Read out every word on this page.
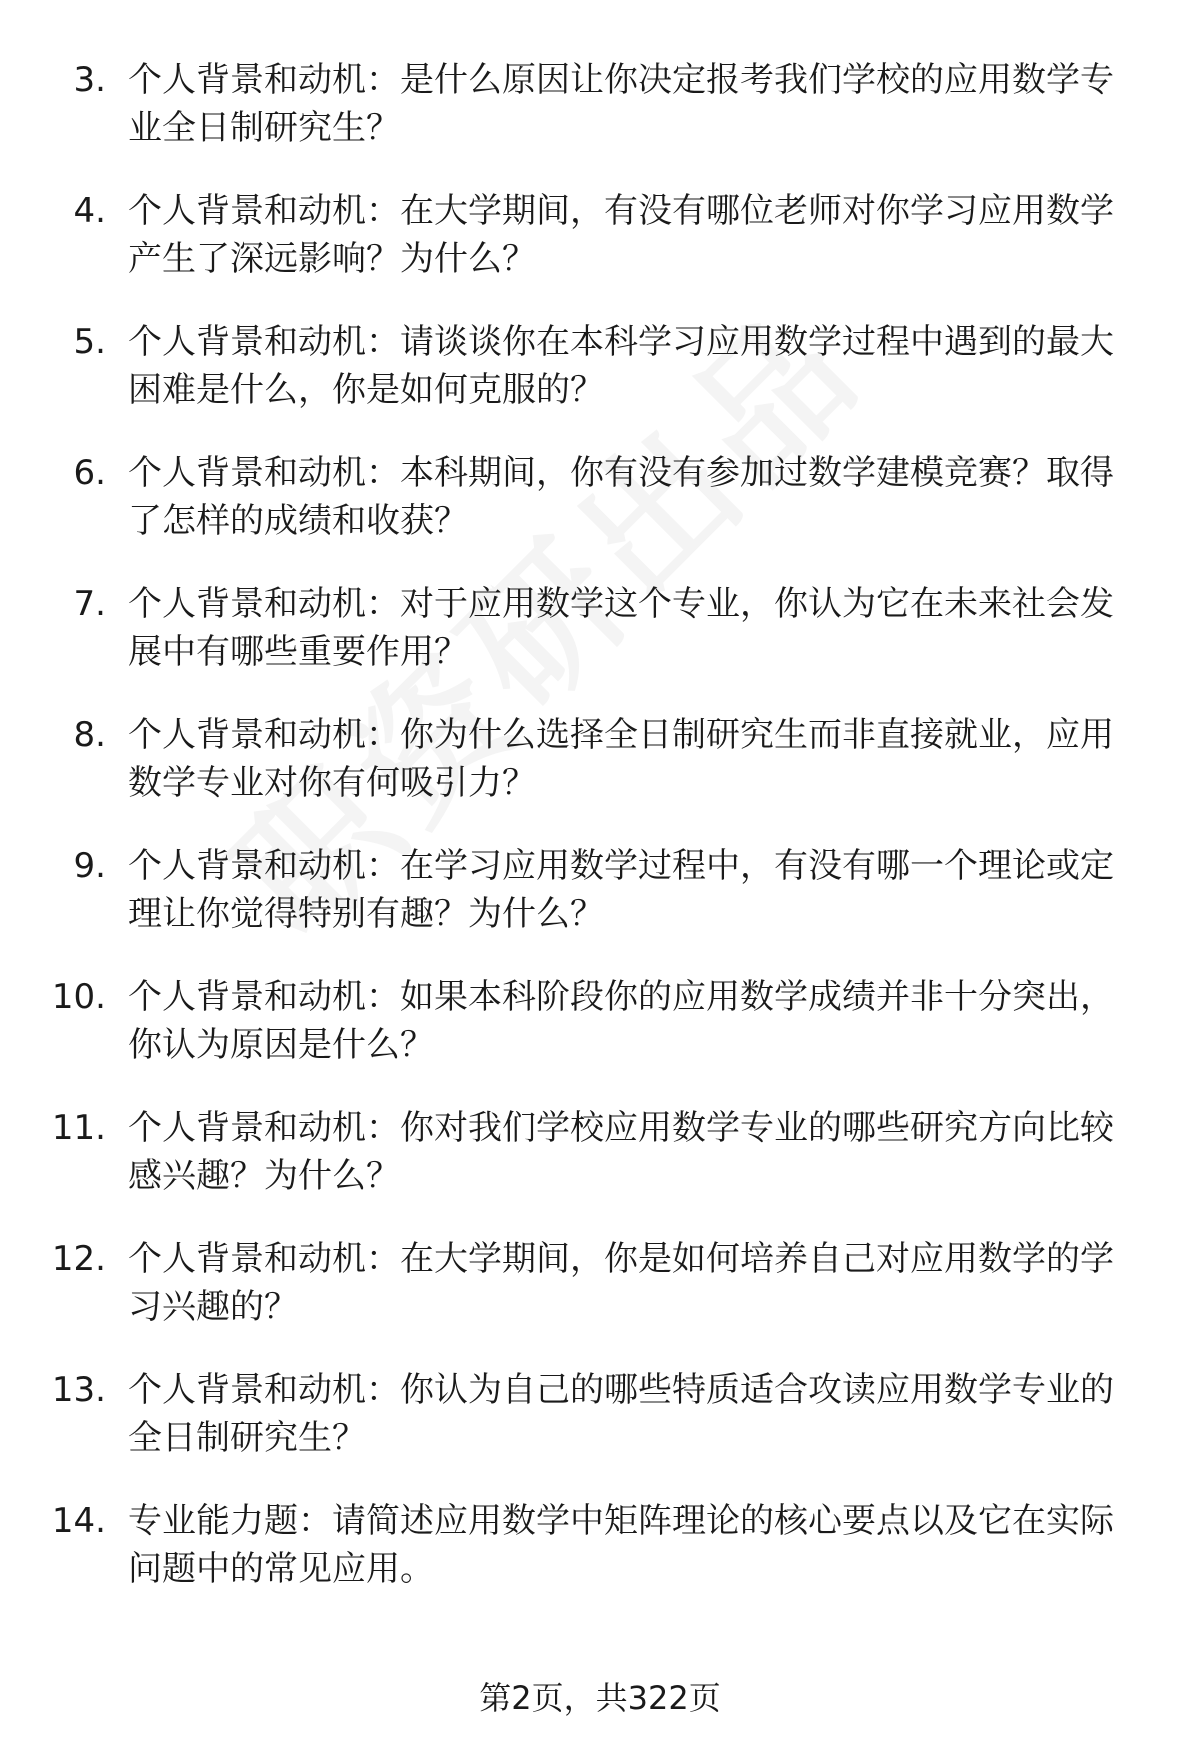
3. 个人背景和动机：是什么原因让你决定报考我们学校的应用数学专业全日制研究生？
4. 个人背景和动机：在大学期间，有没有哪位老师对你学习应用数学产生了深远影响？为什么？
5. 个人背景和动机：请谈谈你在本科学习应用数学过程中遇到的最大困难是什么，你是如何克服的？
6. 个人背景和动机：本科期间，你有没有参加过数学建模竞赛？取得了怎样的成绩和收获？
7. 个人背景和动机：对于应用数学这个专业，你认为它在未来社会发展中有哪些重要作用？
8. 个人背景和动机：你为什么选择全日制研究生而非直接就业，应用数学专业对你有何吸引力？
9. 个人背景和动机：在学习应用数学过程中，有没有哪一个理论或定理让你觉得特别有趣？为什么？
10. 个人背景和动机：如果本科阶段你的应用数学成绩并非十分突出，你认为原因是什么？
11. 个人背景和动机：你对我们学校应用数学专业的哪些研究方向比较感兴趣？为什么？
12. 个人背景和动机：在大学期间，你是如何培养自己对应用数学的学习兴趣的？
13. 个人背景和动机：你认为自己的哪些特质适合攻读应用数学专业的全日制研究生？
14. 专业能力题：请简述应用数学中矩阵理论的核心要点以及它在实际问题中的常见应用。
第2页，共322页
